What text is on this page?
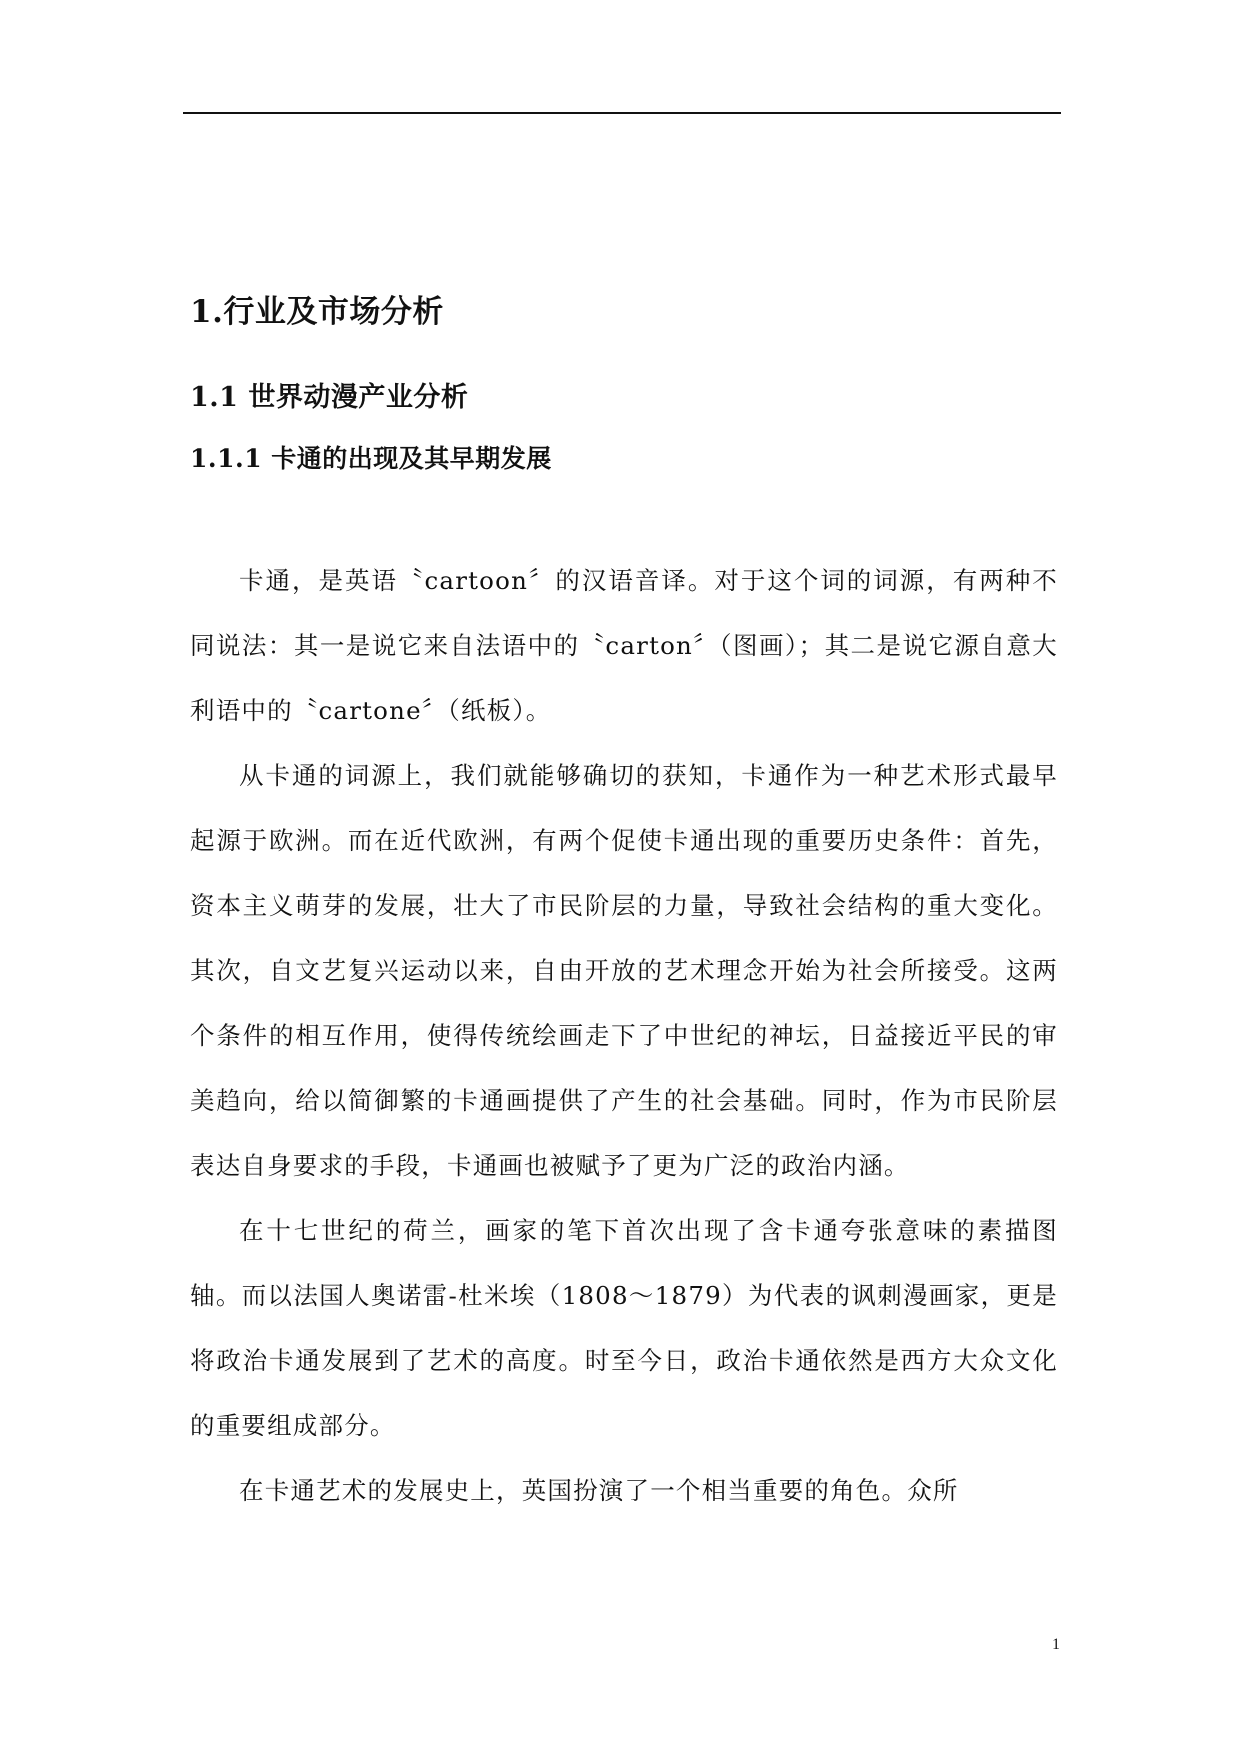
1.行业及市场分析
1.1 世界动漫产业分析
1.1.1 卡通的出现及其早期发展

卡通，是英语〝cartoon〞的汉语音译。对于这个词的词源，有两种不同说法：其一是说它来自法语中的〝carton〞（图画）；其二是说它源自意大利语中的〝cartone〞（纸板）。

从卡通的词源上，我们就能够确切的获知，卡通作为一种艺术形式最早起源于欧洲。而在近代欧洲，有两个促使卡通出现的重要历史条件：首先，资本主义萌芽的发展，壮大了市民阶层的力量，导致社会结构的重大变化。其次，自文艺复兴运动以来，自由开放的艺术理念开始为社会所接受。这两个条件的相互作用，使得传统绘画走下了中世纪的神坛，日益接近平民的审美趋向，给以简御繁的卡通画提供了产生的社会基础。同时，作为市民阶层表达自身要求的手段，卡通画也被赋予了更为广泛的政治内涵。

在十七世纪的荷兰，画家的笔下首次出现了含卡通夸张意味的素描图轴。而以法国人奥诺雷-杜米埃（1808～1879）为代表的讽刺漫画家，更是将政治卡通发展到了艺术的高度。时至今日，政治卡通依然是西方大众文化的重要组成部分。

在卡通艺术的发展史上，英国扮演了一个相当重要的角色。众所

1
